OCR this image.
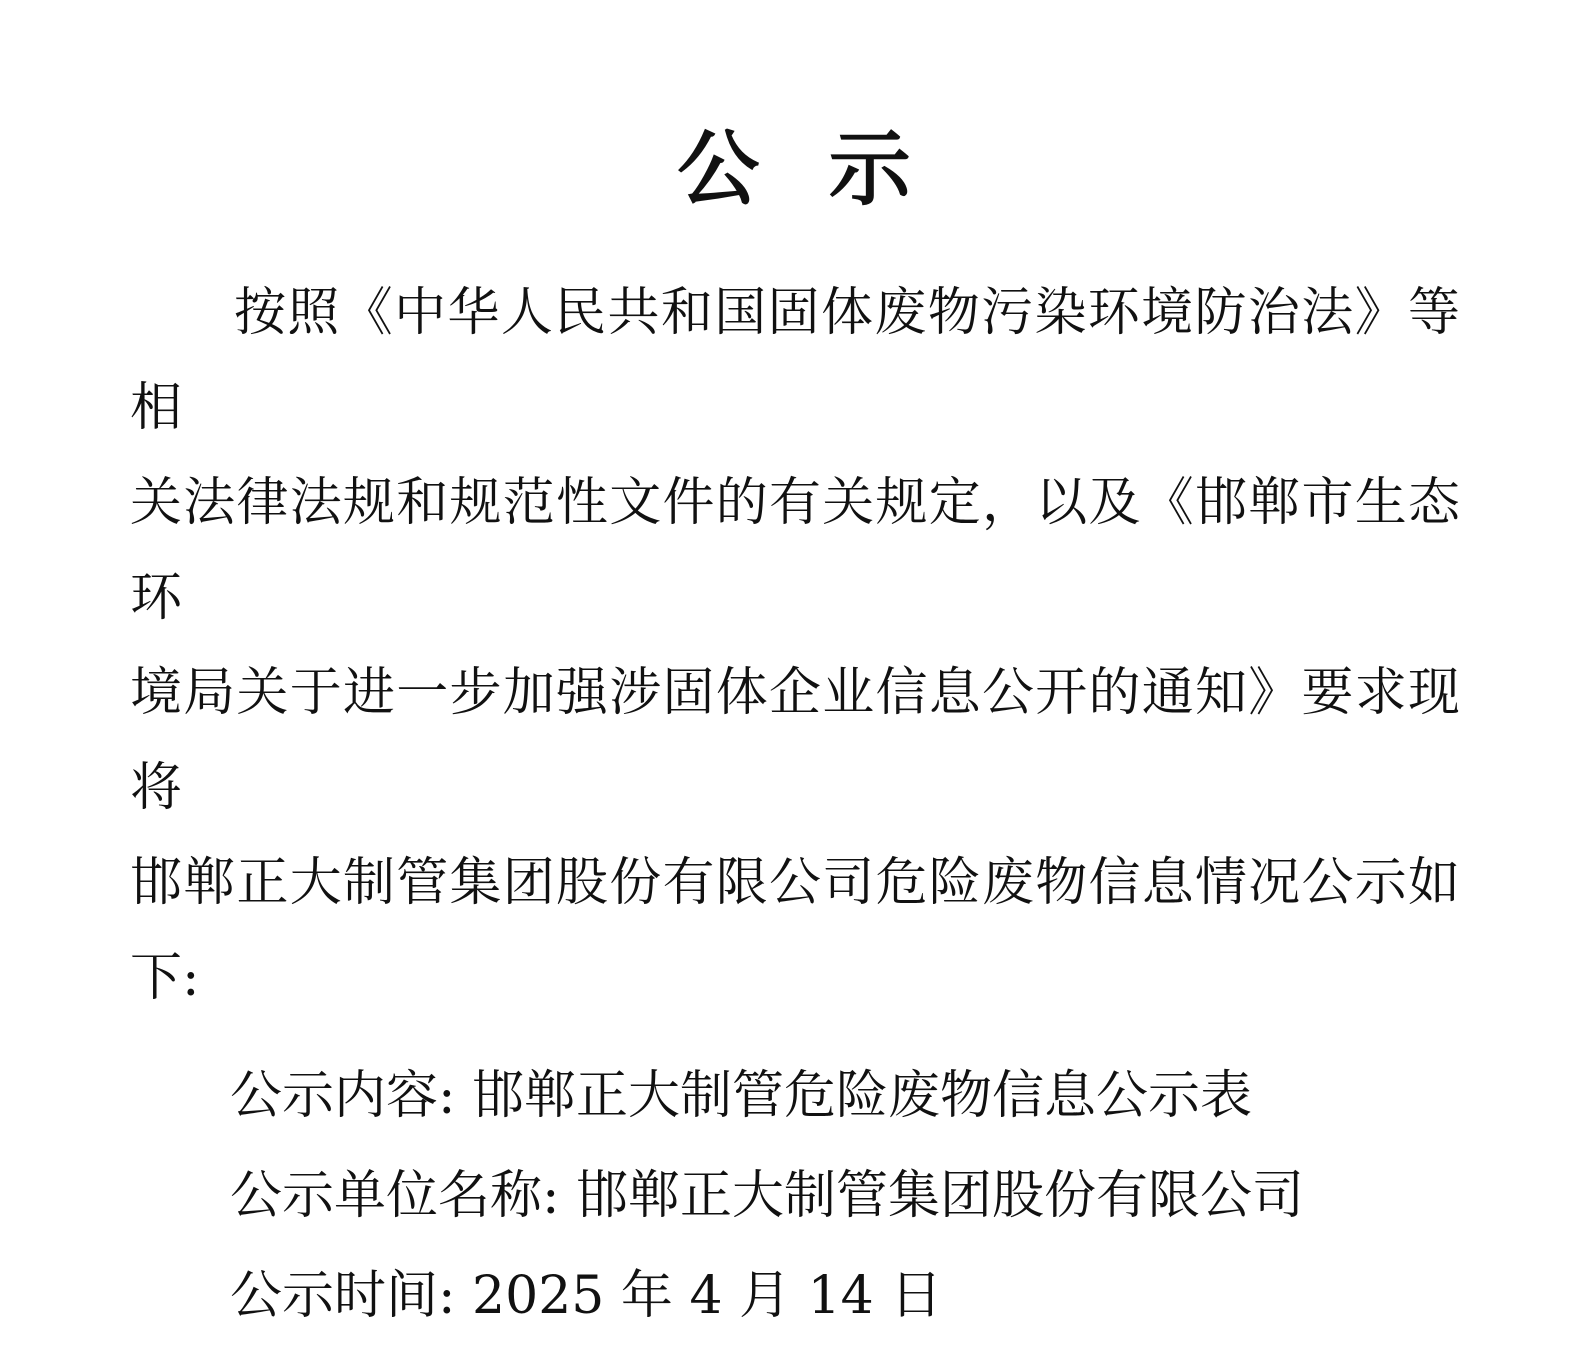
公 示
按照《中华人民共和国固体废物污染环境防治法》等相
关法律法规和规范性文件的有关规定，以及《邯郸市生态环
境局关于进一步加强涉固体企业信息公开的通知》要求现将
邯郸正大制管集团股份有限公司危险废物信息情况公示如
下:
公示内容: 邯郸正大制管危险废物信息公示表
公示单位名称: 邯郸正大制管集团股份有限公司
公示时间: 2025 年 4 月 14 日
